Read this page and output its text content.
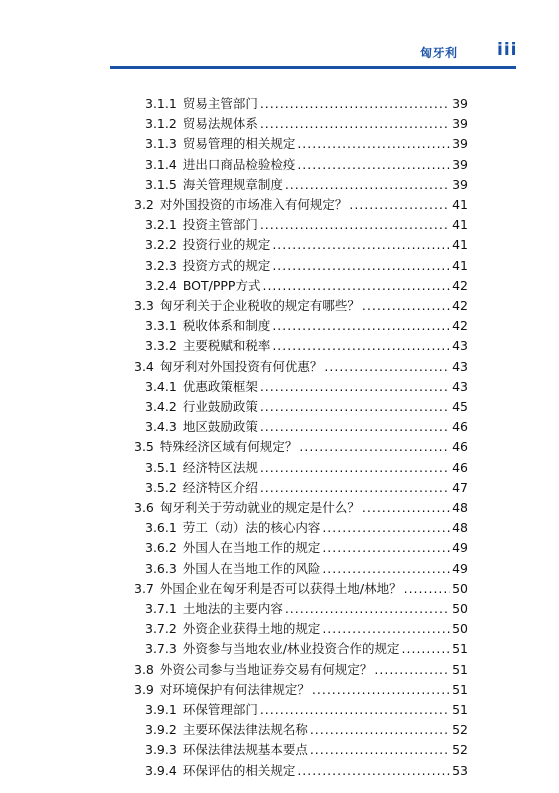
匈牙利 iii
3.1.1 贸易主管部门 .....	39
3.1.2 贸易法规体系 .....	39
3.1.3 贸易管理的相关规定 .....	39
3.1.4 进出口商品检验检疫 .....	39
3.1.5 海关管理规章制度 .....	39
3.2 对外国投资的市场准入有何规定？ .....	41
3.2.1 投资主管部门 .....	41
3.2.2 投资行业的规定 .....	41
3.2.3 投资方式的规定 .....	41
3.2.4 BOT/PPP方式 .....	42
3.3 匈牙利关于企业税收的规定有哪些？ .....	42
3.3.1 税收体系和制度 .....	42
3.3.2 主要税赋和税率 .....	43
3.4 匈牙利对外国投资有何优惠？ .....	43
3.4.1 优惠政策框架 .....	43
3.4.2 行业鼓励政策 .....	45
3.4.3 地区鼓励政策 .....	46
3.5 特殊经济区域有何规定？ .....	46
3.5.1 经济特区法规 .....	46
3.5.2 经济特区介绍 .....	47
3.6 匈牙利关于劳动就业的规定是什么？ .....	48
3.6.1 劳工（动）法的核心内容 .....	48
3.6.2 外国人在当地工作的规定 .....	49
3.6.3 外国人在当地工作的风险 .....	49
3.7 外国企业在匈牙利是否可以获得土地/林地？ .....	50
3.7.1 土地法的主要内容 .....	50
3.7.2 外资企业获得土地的规定 .....	50
3.7.3 外资参与当地农业/林业投资合作的规定 .....	51
3.8 外资公司参与当地证券交易有何规定？ .....	51
3.9 对环境保护有何法律规定？ .....	51
3.9.1 环保管理部门 .....	51
3.9.2 主要环保法律法规名称 .....	52
3.9.3 环保法律法规基本要点 .....	52
3.9.4 环保评估的相关规定 .....	53
